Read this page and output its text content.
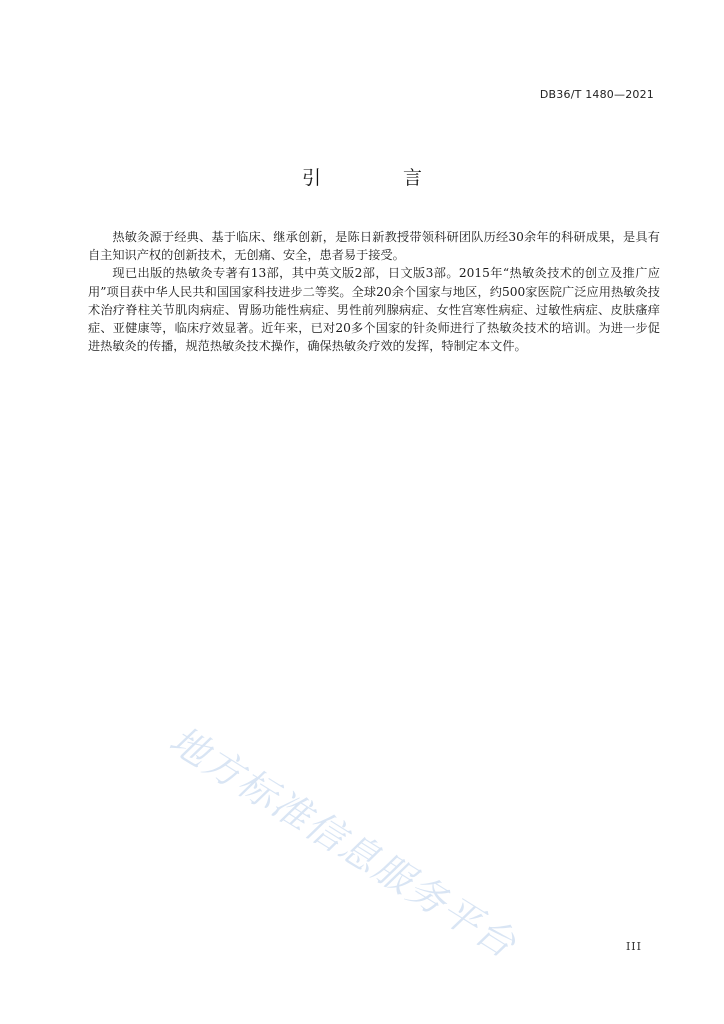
DB36/T 1480—2021
引 言

热敏灸源于经典、基于临床、继承创新，是陈日新教授带领科研团队历经30余年的科研成果，是具有自主知识产权的创新技术，无创痛、安全，患者易于接受。

现已出版的热敏灸专著有13部，其中英文版2部，日文版3部。2015年“热敏灸技术的创立及推广应用”项目获中华人民共和国国家科技进步二等奖。全球20余个国家与地区，约500家医院广泛应用热敏灸技术治疗脊柱关节肌肉病症、胃肠功能性病症、男性前列腺病症、女性宫寒性病症、过敏性病症、皮肤瘙痒症、亚健康等，临床疗效显著。近年来，已对20多个国家的针灸师进行了热敏灸技术的培训。为进一步促进热敏灸的传播，规范热敏灸技术操作，确保热敏灸疗效的发挥，特制定本文件。

地方标准信息服务平台	III
